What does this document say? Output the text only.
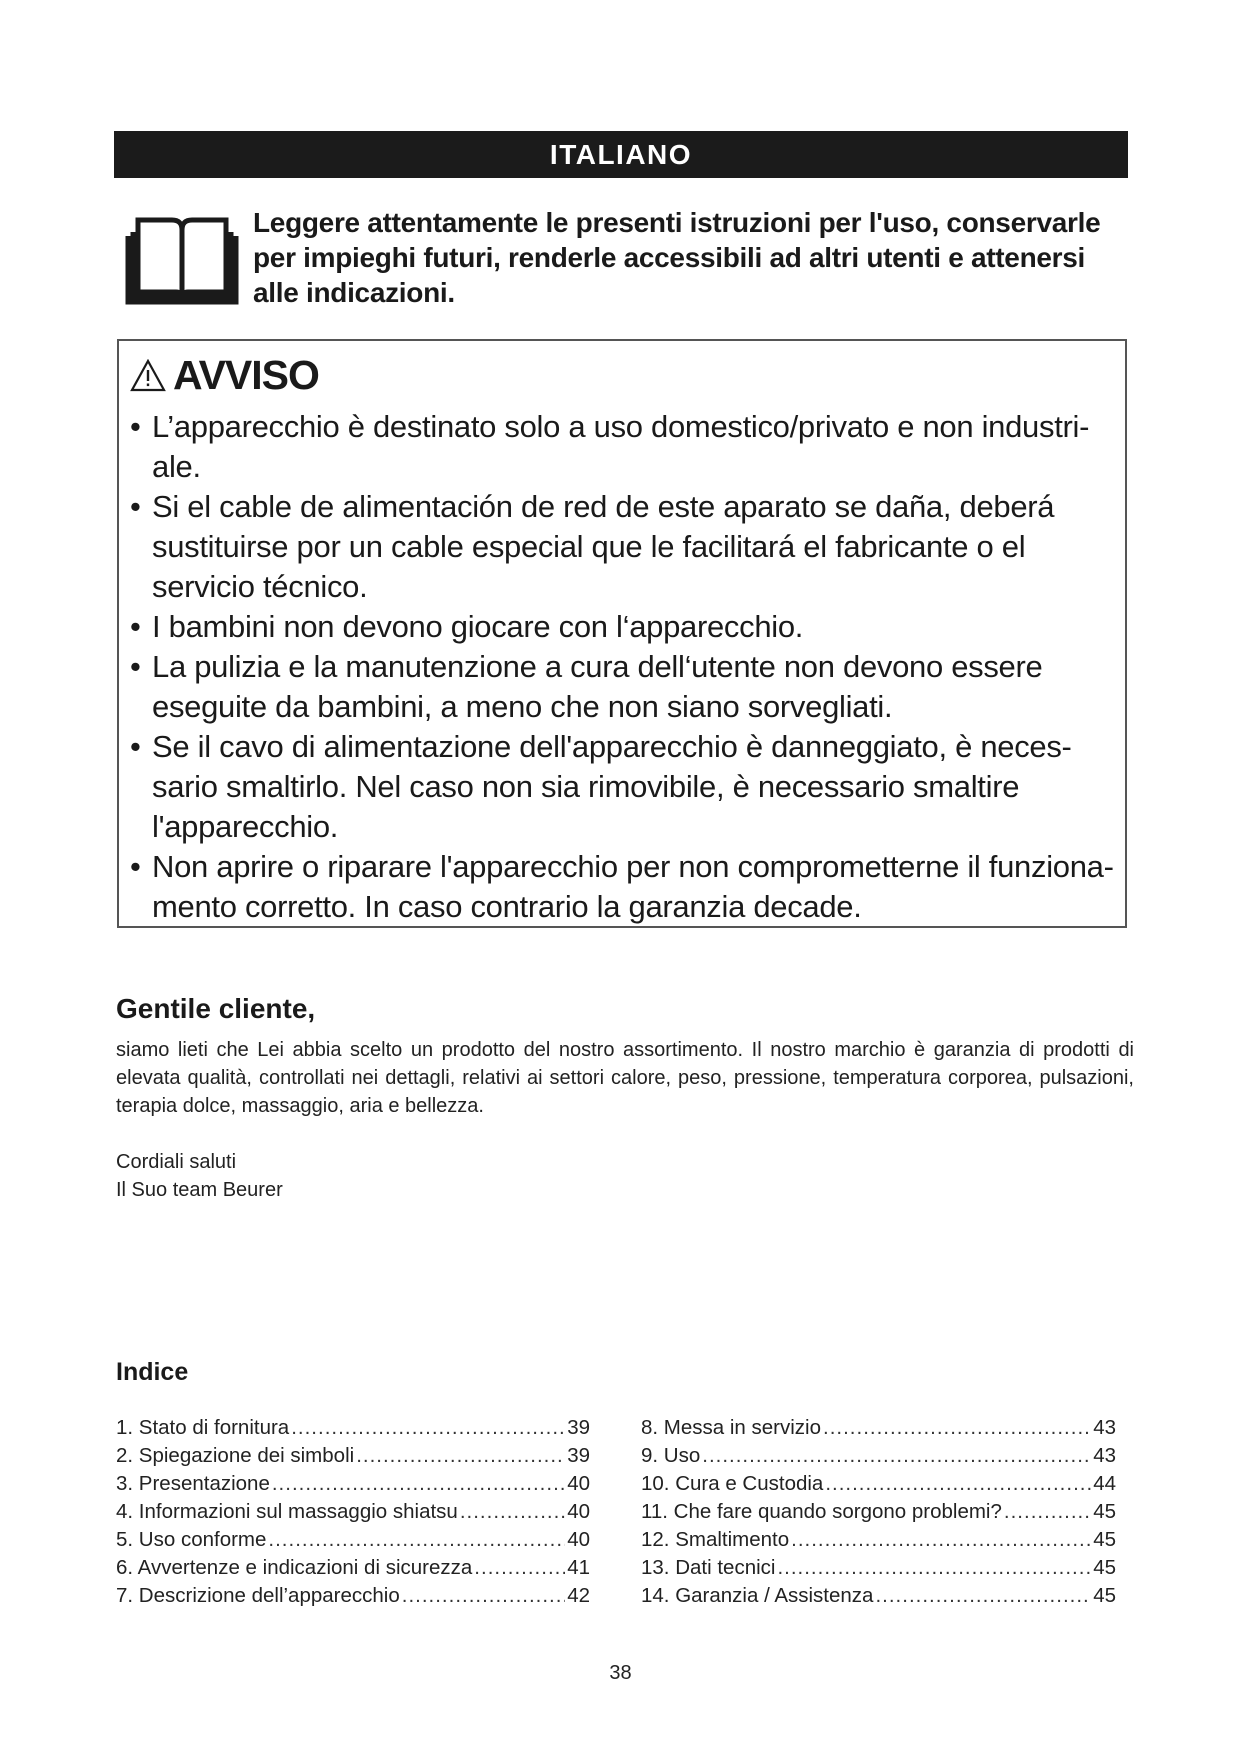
ITALIANO
Leggere attentamente le presenti istruzioni per l'uso, conservarle
per impieghi futuri, renderle accessibili ad altri utenti e attenersi
alle indicazioni.
AVVISO
• L’apparecchio è destinato solo a uso domestico/privato e non industri-
ale.
• Si el cable de alimentación de red de este aparato se daña, deberá
sustituirse por un cable especial que le facilitará el fabricante o el
servicio técnico.
• I bambini non devono giocare con l‘apparecchio.
• La pulizia e la manutenzione a cura dell‘utente non devono essere
eseguite da bambini, a meno che non siano sorvegliati.
• Se il cavo di alimentazione dell'apparecchio è danneggiato, è neces-
sario smaltirlo. Nel caso non sia rimovibile, è necessario smaltire
l'apparecchio.
• Non aprire o riparare l'apparecchio per non comprometterne il funziona-
mento corretto. In caso contrario la garanzia decade.
Gentile cliente,
siamo lieti che Lei abbia scelto un prodotto del nostro assortimento. Il nostro marchio è garanzia di prodotti di elevata qualità, controllati nei dettagli, relativi ai settori calore, peso, pressione, temperatura corporea, pulsazioni, terapia dolce, massaggio, aria e bellezza.
Cordiali saluti
Il Suo team Beurer
Indice
1. Stato di fornitura .....	39
2. Spiegazione dei simboli .....	39
3. Presentazione .....	40
4. Informazioni sul massaggio shiatsu .....	40
5. Uso conforme .....	40
6. Avvertenze e indicazioni di sicurezza .....	41
7. Descrizione dell’apparecchio .....	42
8. Messa in servizio .....	43
9. Uso .....	43
10. Cura e Custodia .....	44
11. Che fare quando sorgono problemi? .....	45
12. Smaltimento .....	45
13. Dati tecnici .....	45
14. Garanzia / Assistenza .....	45
38
